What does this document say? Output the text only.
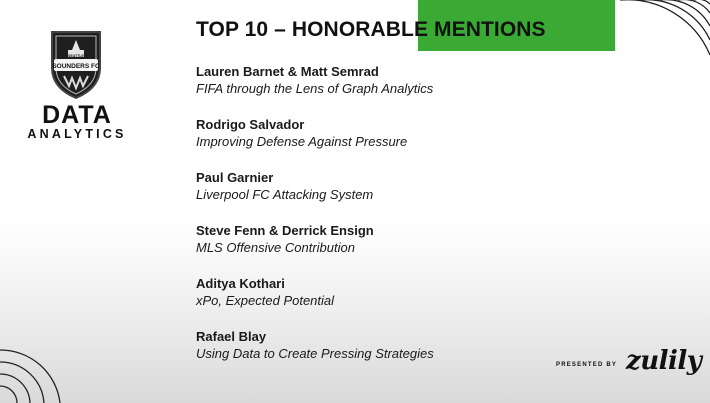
TOP 10 – HONORABLE MENTIONS
SOUNDERS FC
SEATTLE
DATA
ANALYTICS
Lauren Barnet & Matt Semrad
FIFA through the Lens of Graph Analytics
Rodrigo Salvador
Improving Defense Against Pressure
Paul Garnier
Liverpool FC Attacking System
Steve Fenn & Derrick Ensign
MLS Offensive Contribution
Aditya Kothari
xPo, Expected Potential
Rafael Blay
Using Data to Create Pressing Strategies
PRESENTED BY zulily
